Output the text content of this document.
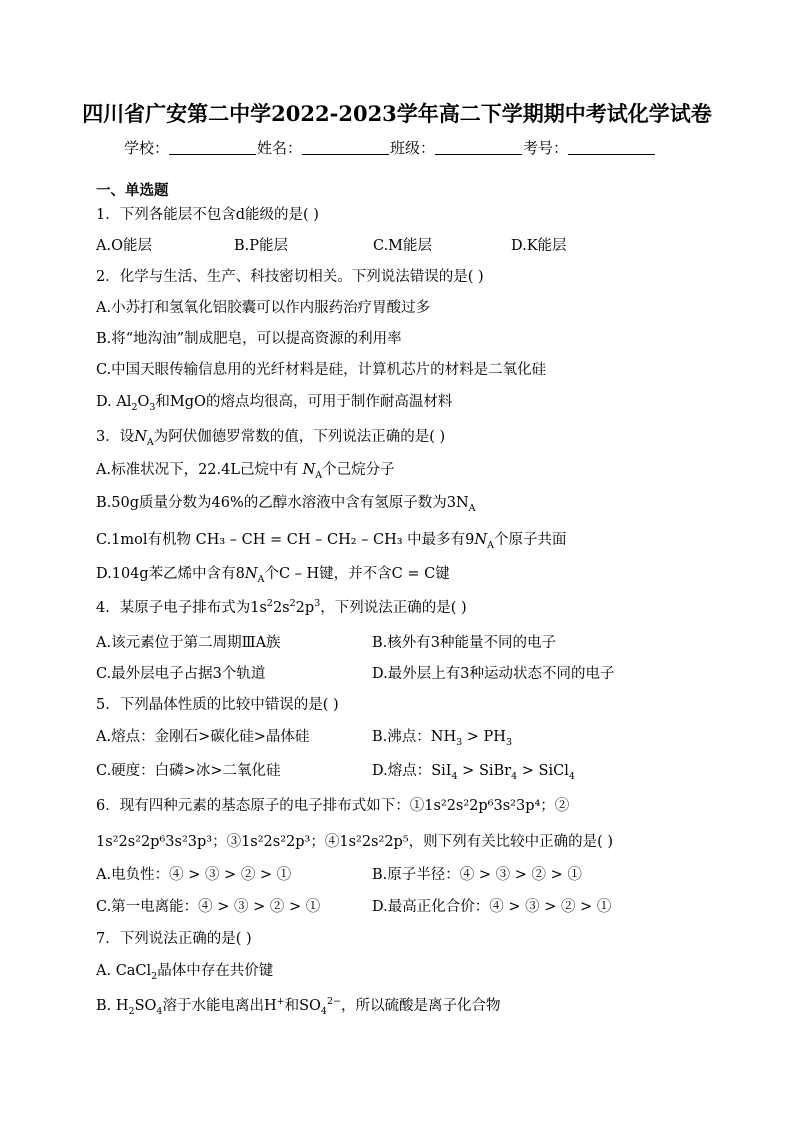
四川省广安第二中学2022-2023学年高二下学期期中考试化学试卷
学校：	姓名：	班级：	考号：
一、单选题
1．下列各能层不包含d能级的是( )
A.O能层	B.P能层	C.M能层	D.K能层
2．化学与生活、生产、科技密切相关。下列说法错误的是( )
A.小苏打和氢氧化铝胶囊可以作内服药治疗胃酸过多
B.将“地沟油”制成肥皂，可以提高资源的利用率
C.中国天眼传输信息用的光纤材料是硅，计算机芯片的材料是二氧化硅
D. $Al_2O_3$和MgO的熔点均很高，可用于制作耐高温材料
3．设$N_A$为阿伏伽德罗常数的值，下列说法正确的是( )
A.标准状况下，22.4L己烷中有 $N_A$个己烷分子
B.50g质量分数为46%的乙醇水溶液中含有氢原子数为$3N_A$
C.1mol有机物 CH₃ – CH = CH – CH₂ – CH₃ 中最多有$9N_A$个原子共面
D.104g苯乙烯中含有$8N_A$个C – H键，并不含C = C键
4．某原子电子排布式为$1s^22s^22p^3$，下列说法正确的是( )
A.该元素位于第二周期ⅢA族	B.核外有3种能量不同的电子
C.最外层电子占据3个轨道	D.最外层上有3种运动状态不同的电子
5．下列晶体性质的比较中错误的是( )
A.熔点：金刚石>碳化硅>晶体硅	B.沸点：$NH_3 > PH_3$
C.硬度：白磷>冰>二氧化硅	D.熔点：SiI$_4$ > SiBr$_4$ > SiCl$_4$
6．现有四种元素的基态原子的电子排布式如下：①1s²2s²2p⁶3s²3p⁴；②
1s²2s²2p⁶3s²3p³；③1s²2s²2p³；④1s²2s²2p⁵，则下列有关比较中正确的是( )
A.电负性：④ > ③ > ② > ①	B.原子半径：④ > ③ > ② > ①
C.第一电离能：④ > ③ > ② > ①	D.最高正化合价：④ > ③ > ② > ①
7．下列说法正确的是( )
A. CaCl$_2$晶体中存在共价键
B. $H_2SO_4$溶于水能电离出H+和$SO_4^{2-}$，所以硫酸是离子化合物
